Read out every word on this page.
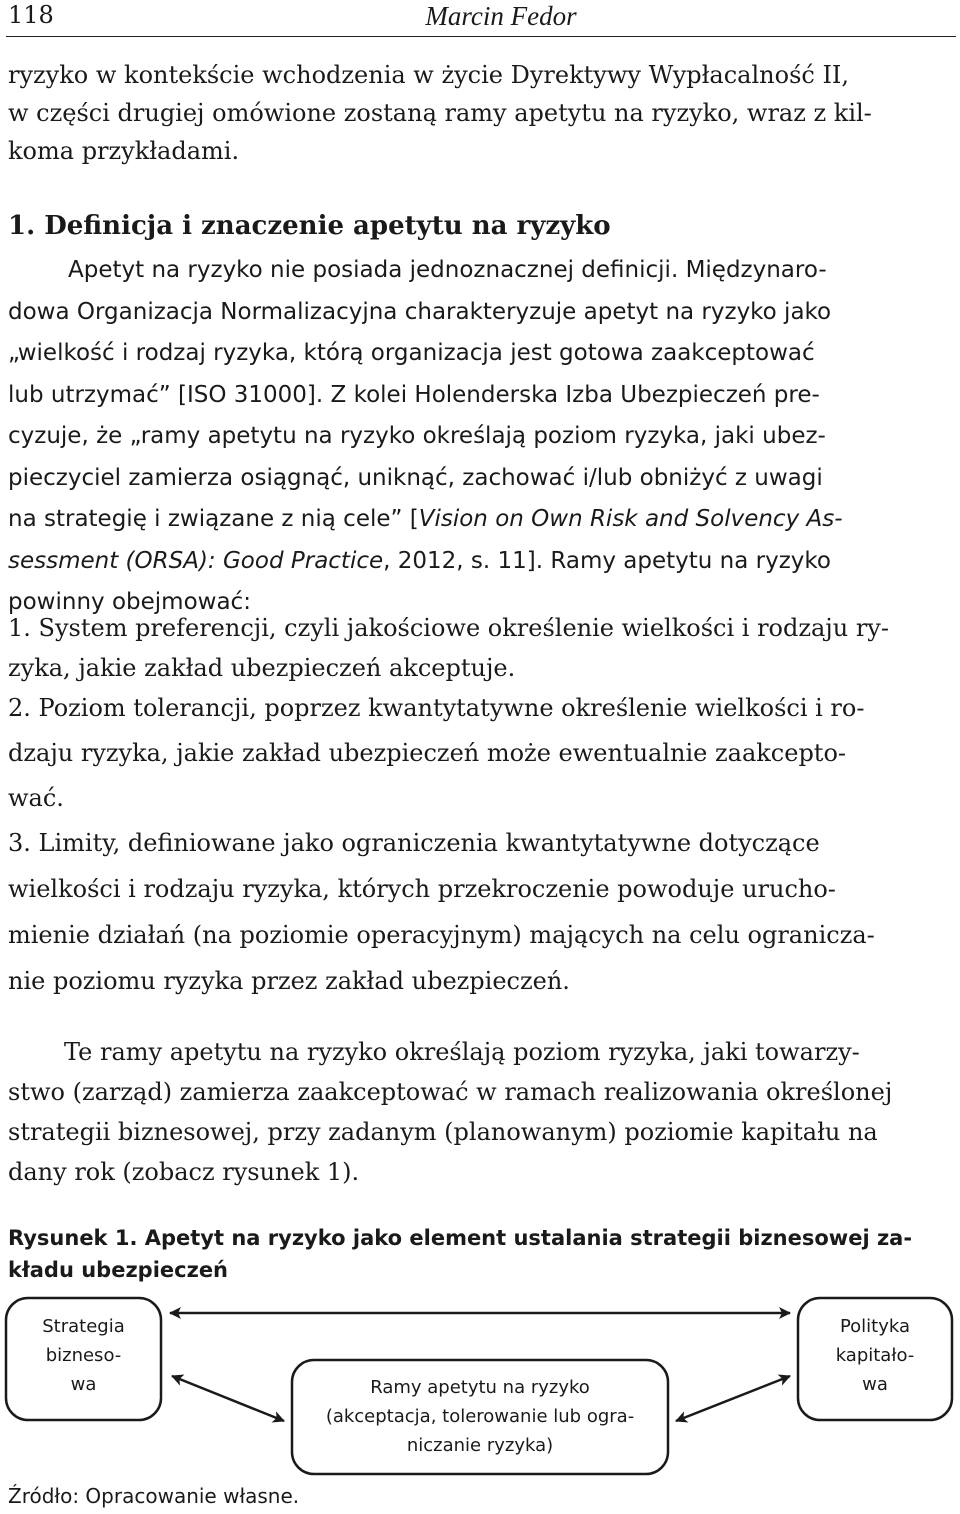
118	Marcin Fedor

ryzyko w kontekście wchodzenia w życie Dyrektywy Wypłacalność II,
w części drugiej omówione zostaną ramy apetytu na ryzyko, wraz z kil-
koma przykładami.

1. Definicja i znaczenie apetytu na ryzyko

Apetyt na ryzyko nie posiada jednoznacznej definicji. Międzynaro-
dowa Organizacja Normalizacyjna charakteryzuje apetyt na ryzyko jako
„wielkość i rodzaj ryzyka, którą organizacja jest gotowa zaakceptować
lub utrzymać” [ISO 31000]. Z kolei Holenderska Izba Ubezpieczeń pre-
cyzuje, że „ramy apetytu na ryzyko określają poziom ryzyka, jaki ubez-
pieczyciel zamierza osiągnąć, uniknąć, zachować i/lub obniżyć z uwagi
na strategię i związane z nią cele” [Vision on Own Risk and Solvency As-
sessment (ORSA): Good Practice, 2012, s. 11]. Ramy apetytu na ryzyko
powinny obejmować:

1. System preferencji, czyli jakościowe określenie wielkości i rodzaju ry-
zyka, jakie zakład ubezpieczeń akceptuje.

2. Poziom tolerancji, poprzez kwantytatywne określenie wielkości i ro-
dzaju ryzyka, jakie zakład ubezpieczeń może ewentualnie zaakcepto-
wać.

3. Limity, definiowane jako ograniczenia kwantytatywne dotyczące
wielkości i rodzaju ryzyka, których przekroczenie powoduje urucho-
mienie działań (na poziomie operacyjnym) mających na celu ogranicza-
nie poziomu ryzyka przez zakład ubezpieczeń.

Te ramy apetytu na ryzyko określają poziom ryzyka, jaki towarzy-
stwo (zarząd) zamierza zaakceptować w ramach realizowania określonej
strategii biznesowej, przy zadanym (planowanym) poziomie kapitału na
dany rok (zobacz rysunek 1).

Rysunek 1. Apetyt na ryzyko jako element ustalania strategii biznesowej za-
kładu ubezpieczeń

Strategia
bizneso-
wa
Polityka
kapitało-
wa
Ramy apetytu na ryzyko
(akceptacja, tolerowanie lub ogra-
niczanie ryzyka)

Źródło: Opracowanie własne.
